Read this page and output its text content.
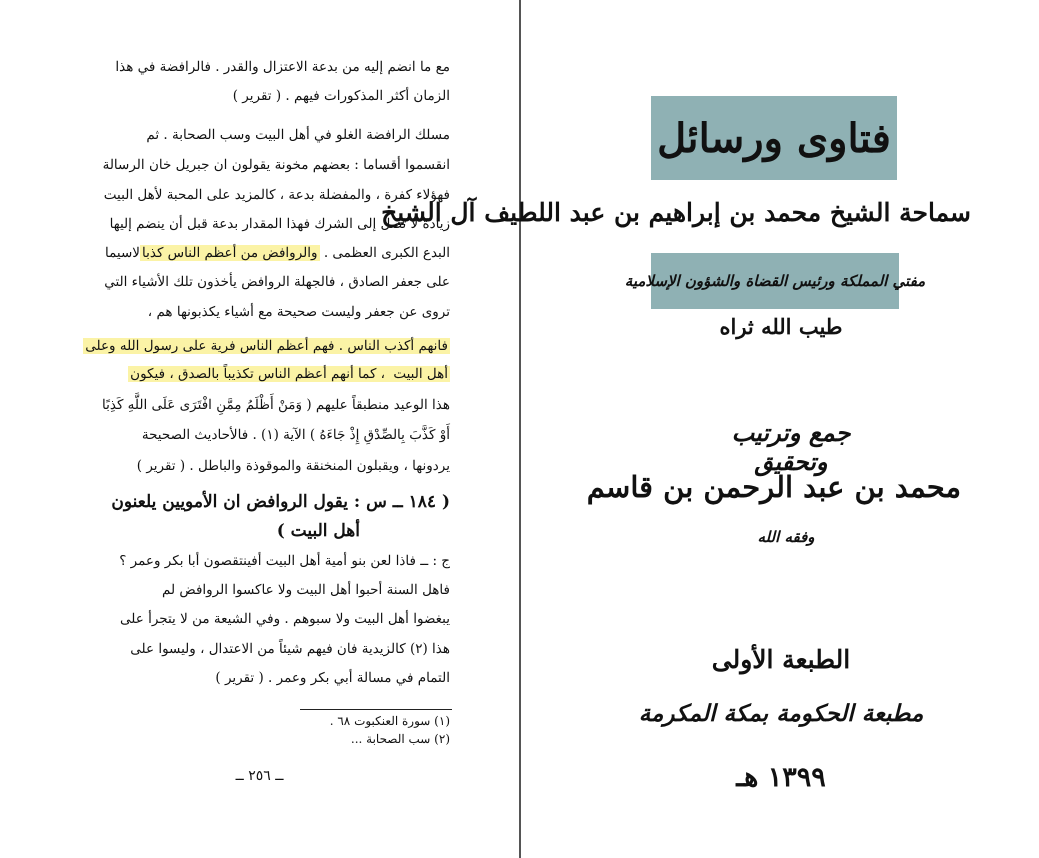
مع ما انضم إليه من بدعة الاعتزال والقدر . فالرافضة في هذا
الزمان أكثر المذكورات فيهم . ( تقرير )
مسلك الرافضة الغلو في أهل البيت وسب الصحابة . ثم
انقسموا أقساما : بعضهم مخونة يقولون ان جبريل خان الرسالة
فهؤلاء كفرة ، والمفضلة بدعة ، كالمزيد على المحبة لأهل البيت
زيادة لا تصل إلى الشرك فهذا المقدار بدعة قبل أن ينضم إليها
البدع الكبرى العظمى . والروافض من أعظم الناس كذبالاسيما
على جعفر الصادق ، فالجهلة الروافض يأخذون تلك الأشياء التي
تروى عن جعفر وليست صحيحة مع أشياء يكذبونها هم ،
فانهم أكذب الناس . فهم أعظم الناس فرية على رسول الله وعلى
أهل البيت ، كما أنهم أعظم الناس تكذيباً بالصدق ، فيكون
هذا الوعيد منطبقاً عليهم ( وَمَنْ أَظْلَمُ مِمَّنِ افْتَرَى عَلَى اللَّهِ كَذِبًا
أَوْ كَذَّبَ بِالصِّدْقِ إِذْ جَاءَهُ ) الآية (١) . فالأحاديث الصحيحة
يردونها ، ويقبلون المنخنقة والموقوذة والباطل . ( تقرير )
( ١٨٤ ــ س : يقول الروافض ان الأمويين يلعنون
أهل البيت )
ج : ــ فاذا لعن بنو أمية أهل البيت أفينتقصون أبا بكر وعمر ؟
فاهل السنة أحبوا أهل البيت ولا عاكسوا الروافض لم
يبغضوا أهل البيت ولا سبوهم . وفي الشيعة من لا يتجرأ على
هذا (٢) كالزيدية فان فيهم شيئاً من الاعتدال ، وليسوا على
التمام في مسالة أبي بكر وعمر . ( تقرير )
(١) سورة العنكبوت ٦٨ .
(٢) سب الصحابة ...
ــ ٢٥٦ ــ
فتاوى ورسائل
سماحة الشيخ محمد بن إبراهيم بن عبد اللطيف آل الشيخ
مفتي المملكة ورئيس القضاة والشؤون الإسلامية
طيب الله ثراه
جمع وترتيب وتحقيق
محمد بن عبد الرحمن بن قاسم
وفقه الله
الطبعة الأولى
مطبعة الحكومة بمكة المكرمة
١٣٩٩ هـ
